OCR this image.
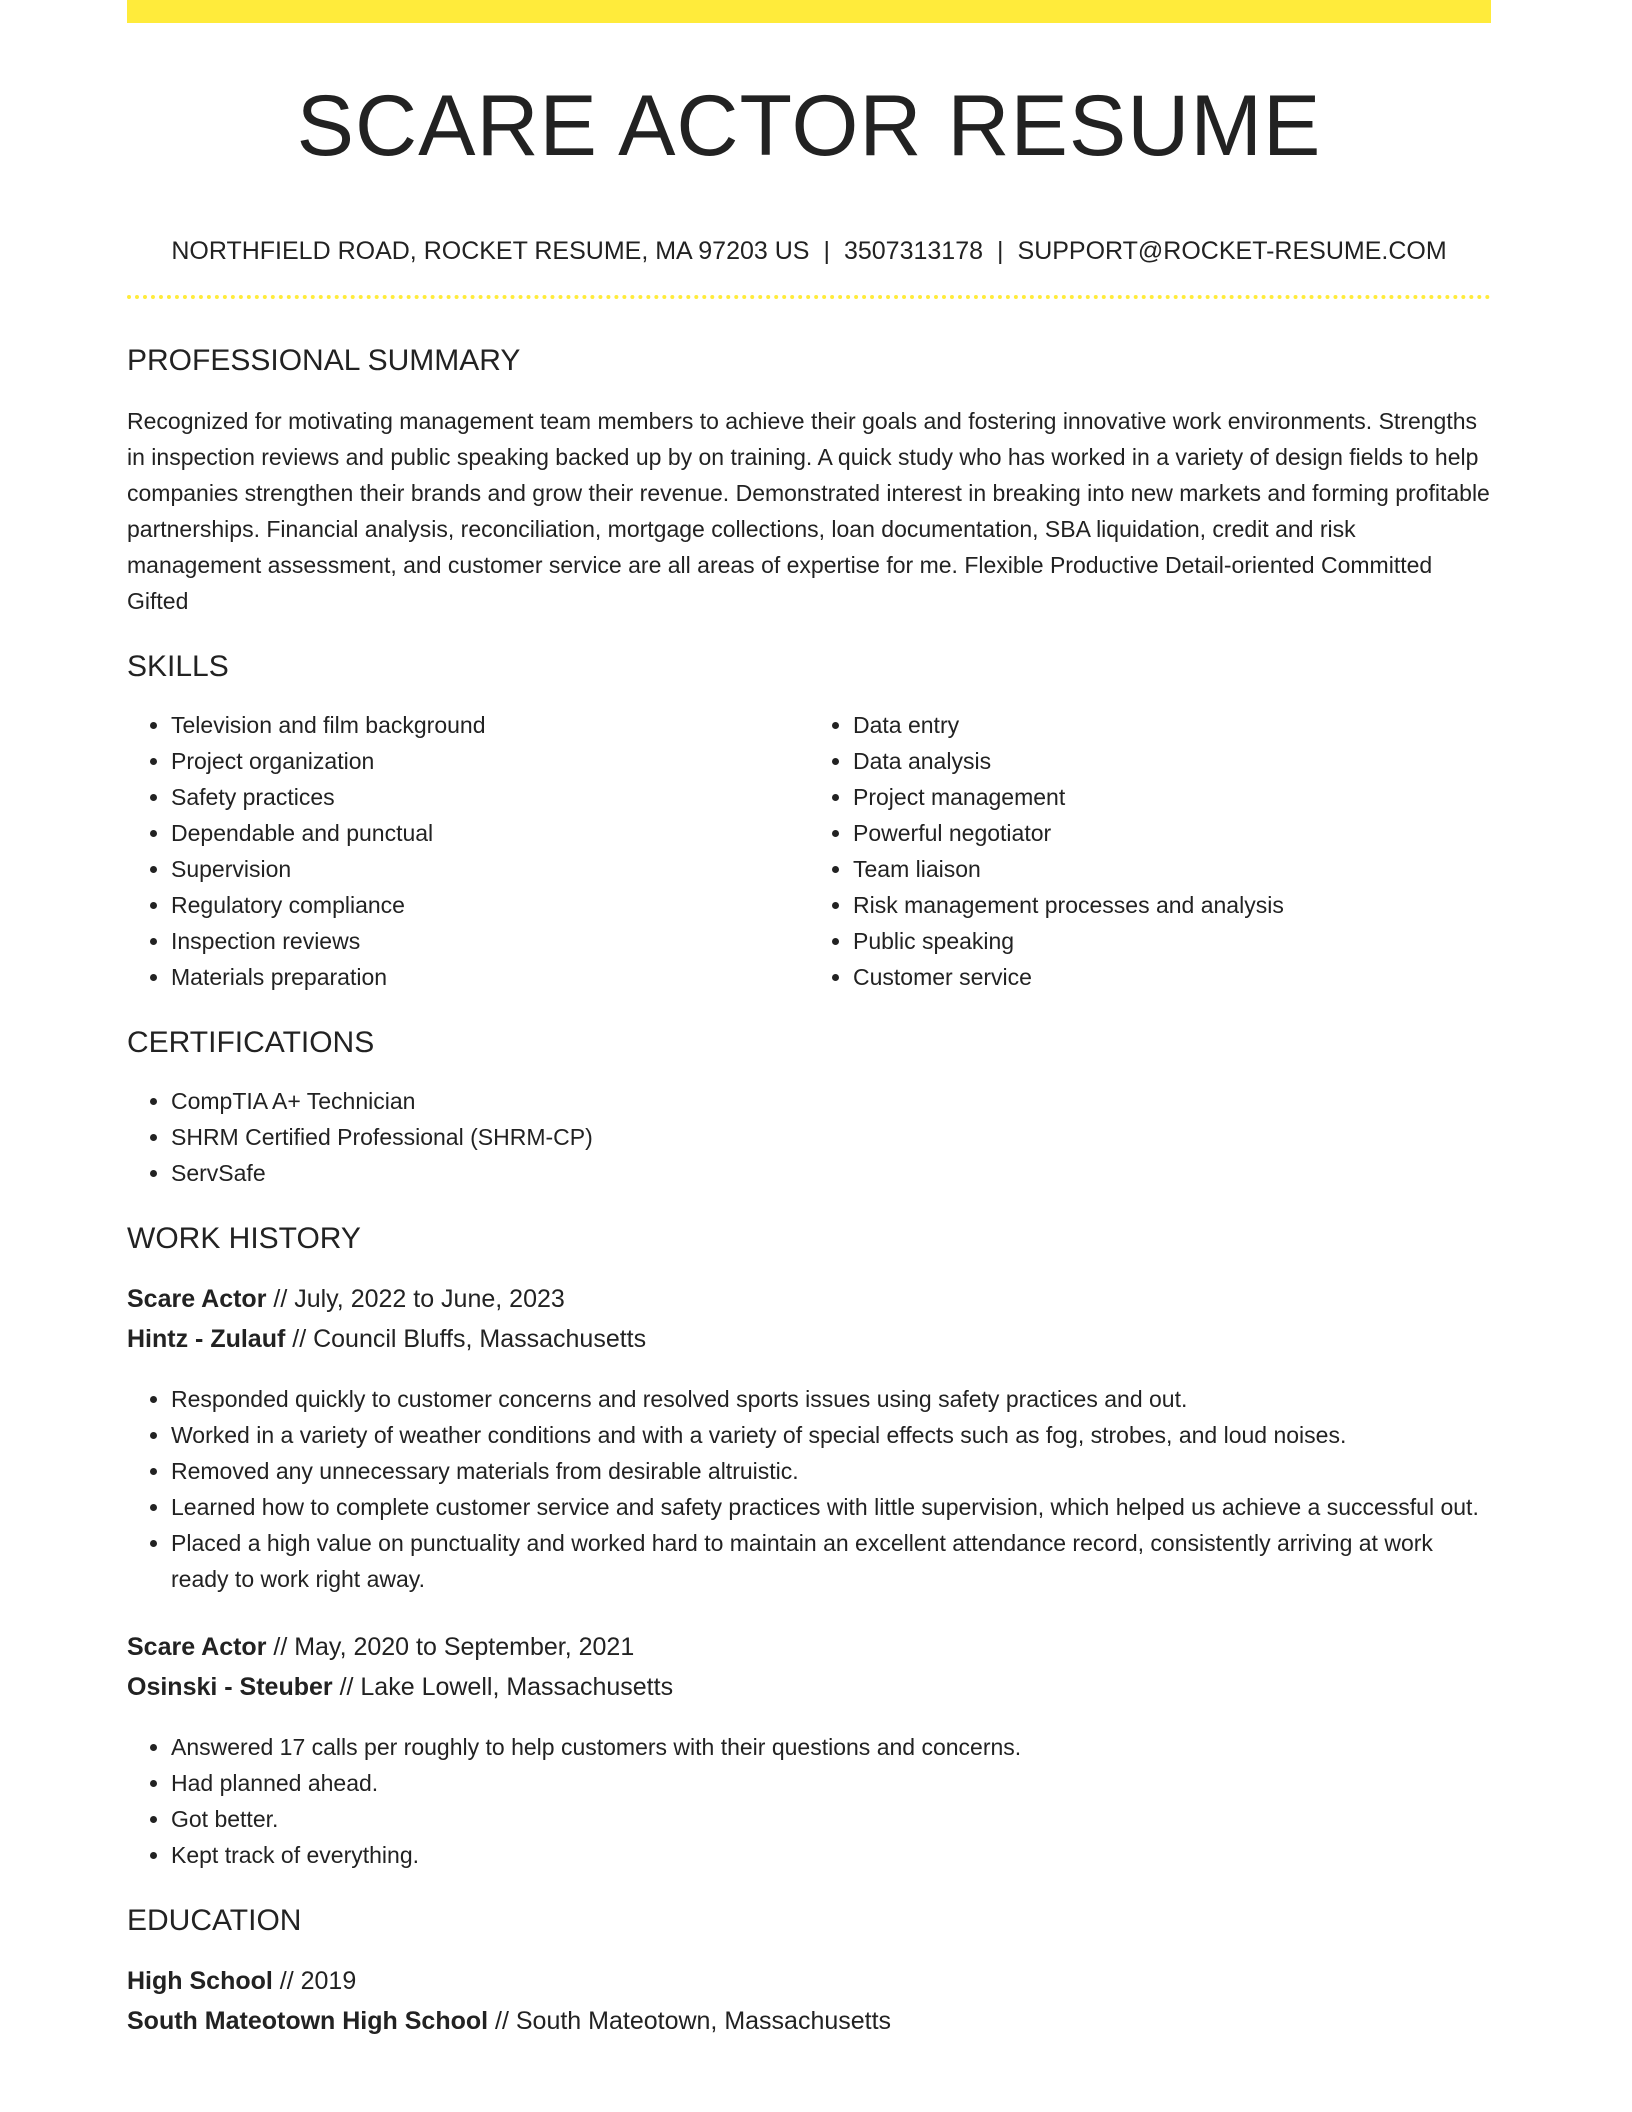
SCARE ACTOR RESUME
NORTHFIELD ROAD, ROCKET RESUME, MA 97203 US | 3507313178 | SUPPORT@ROCKET-RESUME.COM
PROFESSIONAL SUMMARY

Recognized for motivating management team members to achieve their goals and fostering innovative work environments. Strengths in inspection reviews and public speaking backed up by on training. A quick study who has worked in a variety of design fields to help companies strengthen their brands and grow their revenue. Demonstrated interest in breaking into new markets and forming profitable partnerships. Financial analysis, reconciliation, mortgage collections, loan documentation, SBA liquidation, credit and risk management assessment, and customer service are all areas of expertise for me. Flexible Productive Detail-oriented Committed Gifted

SKILLS
• Television and film background
• Project organization
• Safety practices
• Dependable and punctual
• Supervision
• Regulatory compliance
• Inspection reviews
• Materials preparation
• Data entry
• Data analysis
• Project management
• Powerful negotiator
• Team liaison
• Risk management processes and analysis
• Public speaking
• Customer service
CERTIFICATIONS
• CompTIA A+ Technician
• SHRM Certified Professional (SHRM-CP)
• ServSafe
WORK HISTORY
Scare Actor // July, 2022 to June, 2023
Hintz - Zulauf // Council Bluffs, Massachusetts
• Responded quickly to customer concerns and resolved sports issues using safety practices and out.
• Worked in a variety of weather conditions and with a variety of special effects such as fog, strobes, and loud noises.
• Removed any unnecessary materials from desirable altruistic.
• Learned how to complete customer service and safety practices with little supervision, which helped us achieve a successful out.
• Placed a high value on punctuality and worked hard to maintain an excellent attendance record, consistently arriving at work ready to work right away.
Scare Actor // May, 2020 to September, 2021
Osinski - Steuber // Lake Lowell, Massachusetts
• Answered 17 calls per roughly to help customers with their questions and concerns.
• Had planned ahead.
• Got better.
• Kept track of everything.
EDUCATION
High School // 2019
South Mateotown High School // South Mateotown, Massachusetts
